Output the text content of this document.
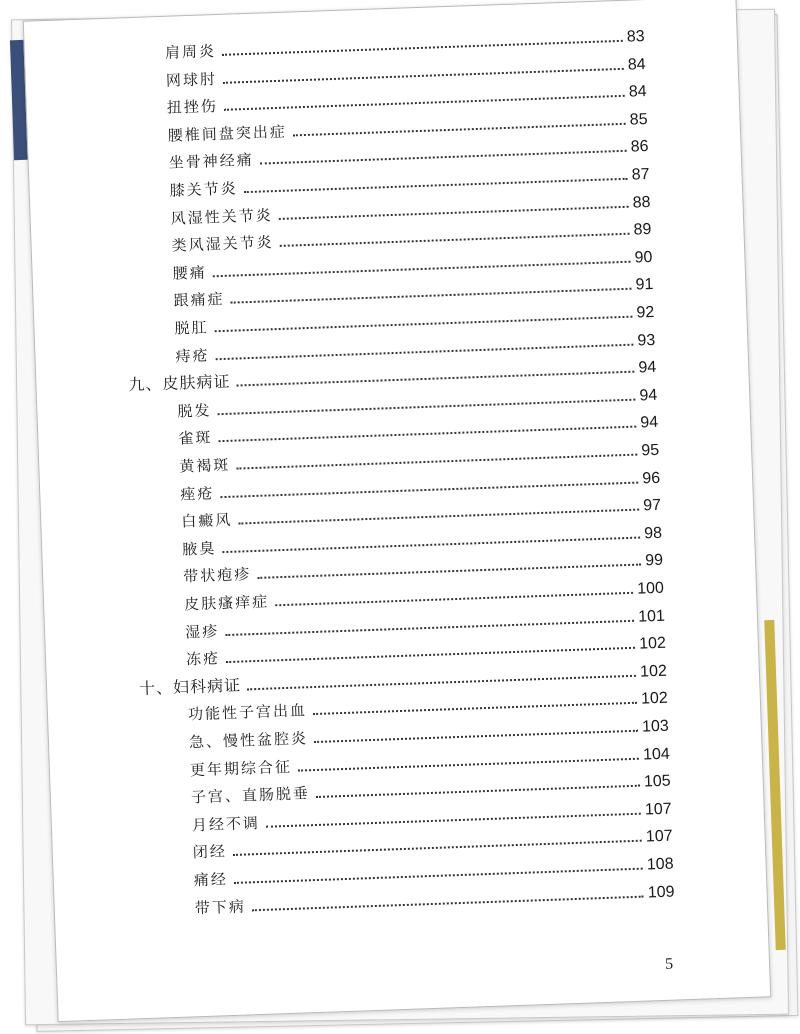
肩周炎
83
网球肘
84
扭挫伤
84
腰椎间盘突出症
85
坐骨神经痛
86
膝关节炎
87
风湿性关节炎
88
类风湿关节炎
89
腰痛
90
跟痛症
91
脱肛
92
痔疮
93
九、皮肤病证
94
脱发
94
雀斑
94
黄褐斑
95
痤疮
96
白癜风
97
腋臭
98
带状疱疹
99
皮肤瘙痒症
100
湿疹
101
冻疮
102
十、妇科病证
102
功能性子宫出血
102
急、慢性盆腔炎
103
更年期综合征
104
子宫、直肠脱垂
105
月经不调
107
闭经
107
痛经
108
带下病
109
5
